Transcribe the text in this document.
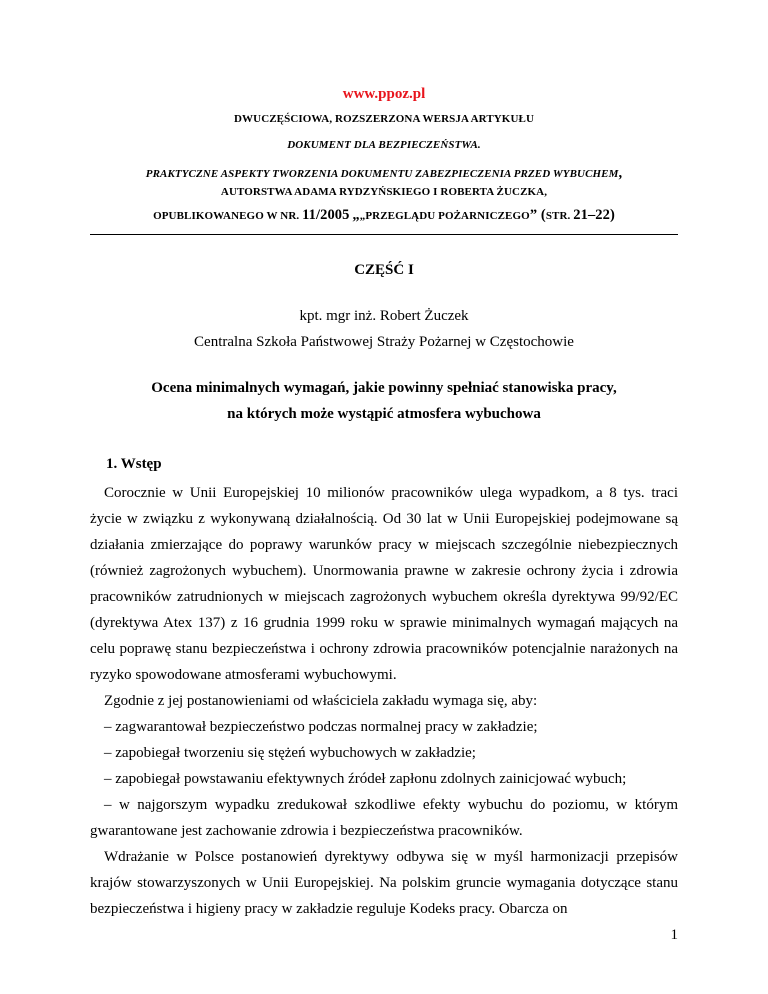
www.ppoz.pl
DWUCZĘŚCIOWA, ROZSZERZONA WERSJA ARTYKUŁU
DOKUMENT DLA BEZPIECZEŃSTWA.
PRAKTYCZNE ASPEKTY TWORZENIA DOKUMENTU ZABEZPIECZENIA PRZED WYBUCHEM,
AUTORSTWA ADAMA RYDZYŃSKIEGO I ROBERTA ŻUCZKA,
OPUBLIKOWANEGO W NR. 11/2005 „„PRZEGLĄDU POŻARNICZEGO” (STR. 21–22)
CZĘŚĆ I
kpt. mgr inż. Robert Żuczek
Centralna Szkoła Państwowej Straży Pożarnej w Częstochowie
Ocena minimalnych wymagań, jakie powinny spełniać stanowiska pracy,
na których może wystąpić atmosfera wybuchowa
1. Wstęp

Corocznie w Unii Europejskiej 10 milionów pracowników ulega wypadkom, a 8 tys. traci życie w związku z wykonywaną działalnością. Od 30 lat w Unii Europejskiej podejmowane są działania zmierzające do poprawy warunków pracy w miejscach szczególnie niebezpiecznych (również zagrożonych wybuchem). Unormowania prawne w zakresie ochrony życia i zdrowia pracowników zatrudnionych w miejscach zagrożonych wybuchem określa dyrektywa 99/92/EC (dyrektywa Atex 137) z 16 grudnia 1999 roku w sprawie minimalnych wymagań mających na celu poprawę stanu bezpieczeństwa i ochrony zdrowia pracowników potencjalnie narażonych na ryzyko spowodowane atmosferami wybuchowymi.

Zgodnie z jej postanowieniami od właściciela zakładu wymaga się, aby:

– zagwarantował bezpieczeństwo podczas normalnej pracy w zakładzie;

– zapobiegał tworzeniu się stężeń wybuchowych w zakładzie;

– zapobiegał powstawaniu efektywnych źródeł zapłonu zdolnych zainicjować wybuch;

– w najgorszym wypadku zredukował szkodliwe efekty wybuchu do poziomu, w którym gwarantowane jest zachowanie zdrowia i bezpieczeństwa pracowników.

Wdrażanie w Polsce postanowień dyrektywy odbywa się w myśl harmonizacji przepisów krajów stowarzyszonych w Unii Europejskiej. Na polskim gruncie wymagania dotyczące stanu bezpieczeństwa i higieny pracy w zakładzie reguluje Kodeks pracy. Obarcza on

1
